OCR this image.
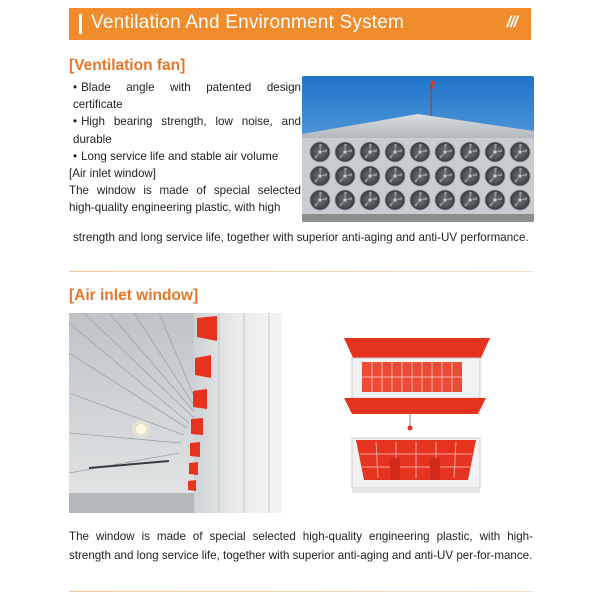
Ventilation And Environment System	///
[Ventilation fan]

• Blade angle with patented design certificate

• High bearing strength, low noise, and durable

• Long service life and stable air volume

[Air inlet window]

The window is made of special selected high-quality engineering plastic, with high

strength and long service life, together with superior anti-aging and anti-UV performance.
[Air inlet window]
The window is made of special selected high-quality engineering plastic, with high-strength and long service life, together with superior anti-aging and anti-UV per-for-mance.
